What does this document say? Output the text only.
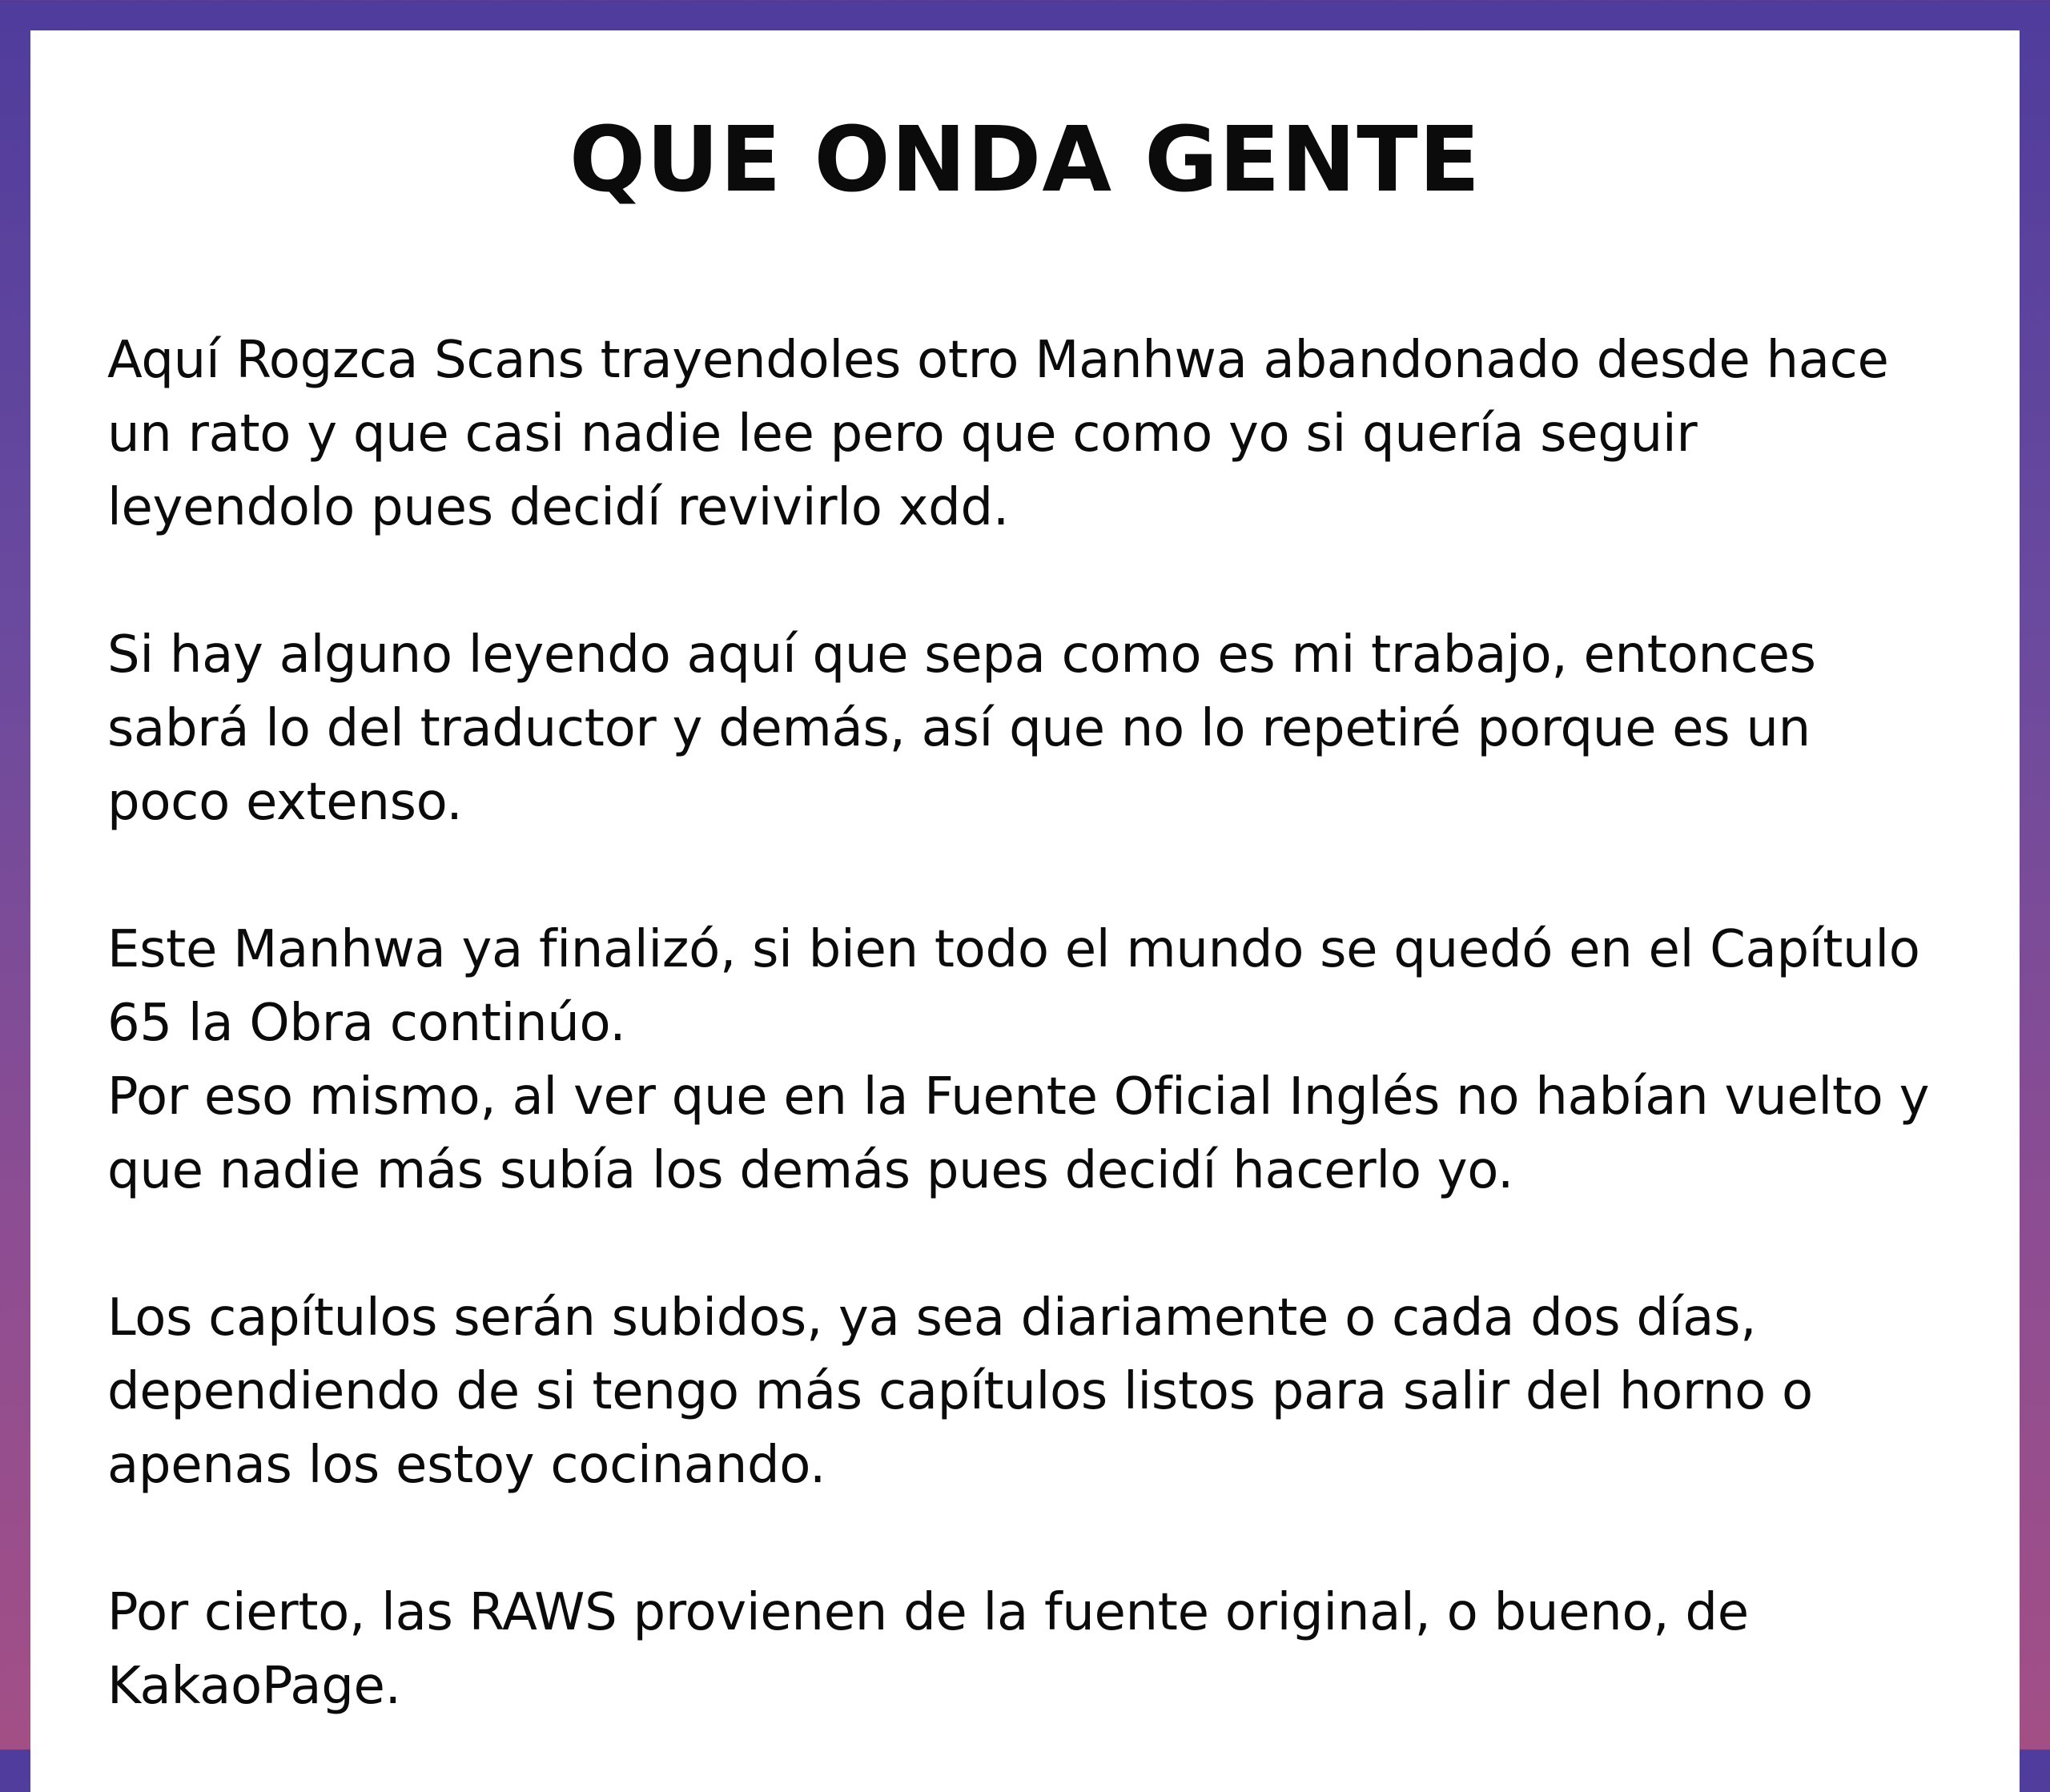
QUE ONDA GENTE

Aquí Rogzca Scans trayendoles otro Manhwa abandonado desde hace un rato y que casi nadie lee pero que como yo si quería seguir leyendolo pues decidí revivirlo xdd.

Si hay alguno leyendo aquí que sepa como es mi trabajo, entonces sabrá lo del traductor y demás, así que no lo repetiré porque es un poco extenso.

Este Manhwa ya finalizó, si bien todo el mundo se quedó en el Capítulo 65 la Obra continúo.
Por eso mismo, al ver que en la Fuente Oficial Inglés no habían vuelto y que nadie más subía los demás pues decidí hacerlo yo.

Los capítulos serán subidos, ya sea diariamente o cada dos días, dependiendo de si tengo más capítulos listos para salir del horno o apenas los estoy cocinando.

Por cierto, las RAWS provienen de la fuente original, o bueno, de KakaoPage.
